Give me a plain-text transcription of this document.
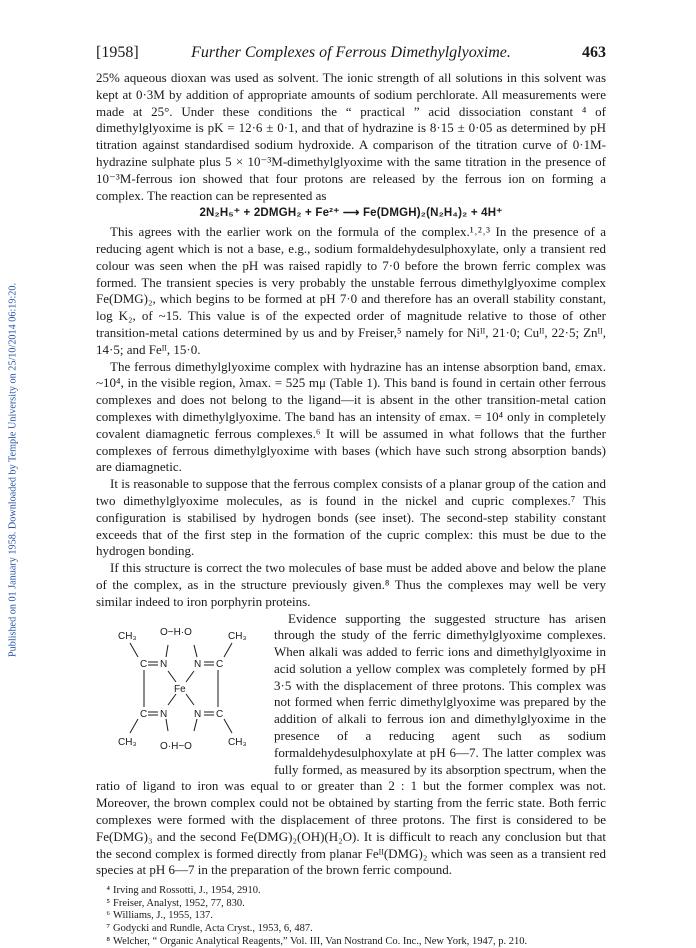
Published on 01 January 1958. Downloaded by Temple University on 25/10/2014 06:19:20.
[1958]	Further Complexes of Ferrous Dimethylglyoxime.	463

25% aqueous dioxan was used as solvent. The ionic strength of all solutions in this solvent was kept at 0·3M by addition of appropriate amounts of sodium perchlorate. All measurements were made at 25°. Under these conditions the “ practical ” acid dissociation constant ⁴ of dimethylglyoxime is pK = 12·6 ± 0·1, and that of hydrazine is 8·15 ± 0·05 as determined by pH titration against standardised sodium hydroxide. A comparison of the titration curve of 0·1M-hydrazine sulphate plus 5 × 10⁻³M-dimethylglyoxime with the same titration in the presence of 10⁻³M-ferrous ion showed that four protons are released by the ferrous ion on forming a complex. The reaction can be represented as

2N₂H₅⁺ + 2DMGH₂ + Fe²⁺ ⟶ Fe(DMGH)₂(N₂H₄)₂ + 4H⁺

This agrees with the earlier work on the formula of the complex.¹˒²˒³ In the presence of a reducing agent which is not a base, e.g., sodium formaldehydesulphoxylate, only a transient red colour was seen when the pH was raised rapidly to 7·0 before the brown ferric complex was formed. The transient species is very probably the unstable ferrous dimethylglyoxime complex Fe(DMG)₂, which begins to be formed at pH 7·0 and therefore has an overall stability constant, log K₂, of ~15. This value is of the expected order of magnitude relative to those of other transition-metal cations determined by us and by Freiser,⁵ namely for Niᴵᴵ, 21·0; Cuᴵᴵ, 22·5; Znᴵᴵ, 14·5; and Feᴵᴵ, 15·0.

The ferrous dimethylglyoxime complex with hydrazine has an intense absorption band, εmax. ~10⁴, in the visible region, λmax. = 525 mμ (Table 1). This band is found in certain other ferrous complexes and does not belong to the ligand—it is absent in the other transition-metal cation complexes with dimethylglyoxime. The band has an intensity of εmax. = 10⁴ only in completely covalent diamagnetic ferrous complexes.⁶ It will be assumed in what follows that the further complexes of ferrous dimethylglyoxime with bases (which have such strong absorption bands) are diamagnetic.

It is reasonable to suppose that the ferrous complex consists of a planar group of the cation and two dimethylglyoxime molecules, as is found in the nickel and cupric complexes.⁷ This configuration is stabilised by hydrogen bonds (see inset). The second-step stability constant exceeds that of the first step in the formation of the cupric complex: this must be due to the hydrogen bonding.

If this structure is correct the two molecules of base must be added above and below the plane of the complex, as in the structure previously given.⁸ Thus the complexes may well be very similar indeed to iron porphyrin proteins.

CH₃	CH₃
CH₃	CH₃
C N	N C
C N	N C
Fe
O−H·O
O·H−O
Evidence supporting the suggested structure has arisen through the study of the ferric dimethylglyoxime complexes. When alkali was added to ferric ions and dimethylglyoxime in acid solution a yellow complex was completely formed by pH 3·5 with the displacement of three protons. This complex was not formed when ferric dimethylglyoxime was prepared by the addition of alkali to ferrous ion and dimethylglyoxime in the presence of a reducing agent such as sodium formaldehydesulphoxylate at pH 6—7. The latter complex was fully formed, as measured by its absorption spectrum, when the ratio of ligand to iron was equal to or greater than 2 : 1 but the former complex was not. Moreover, the brown complex could not be obtained by starting from the ferric state. Both ferric complexes were formed with the displacement of three protons. The first is considered to be Fe(DMG)₃ and the second Fe(DMG)₂(OH)(H₂O). It is difficult to reach any conclusion but that the second complex is formed directly from planar Feᴵᴵ(DMG)₂ which was seen as a transient red species at pH 6—7 in the preparation of the brown ferric compound.

⁴ Irving and Rossotti, J., 1954, 2910.
⁵ Freiser, Analyst, 1952, 77, 830.
⁶ Williams, J., 1955, 137.
⁷ Godycki and Rundle, Acta Cryst., 1953, 6, 487.
⁸ Welcher, “ Organic Analytical Reagents,” Vol. III, Van Nostrand Co. Inc., New York, 1947, p. 210.
